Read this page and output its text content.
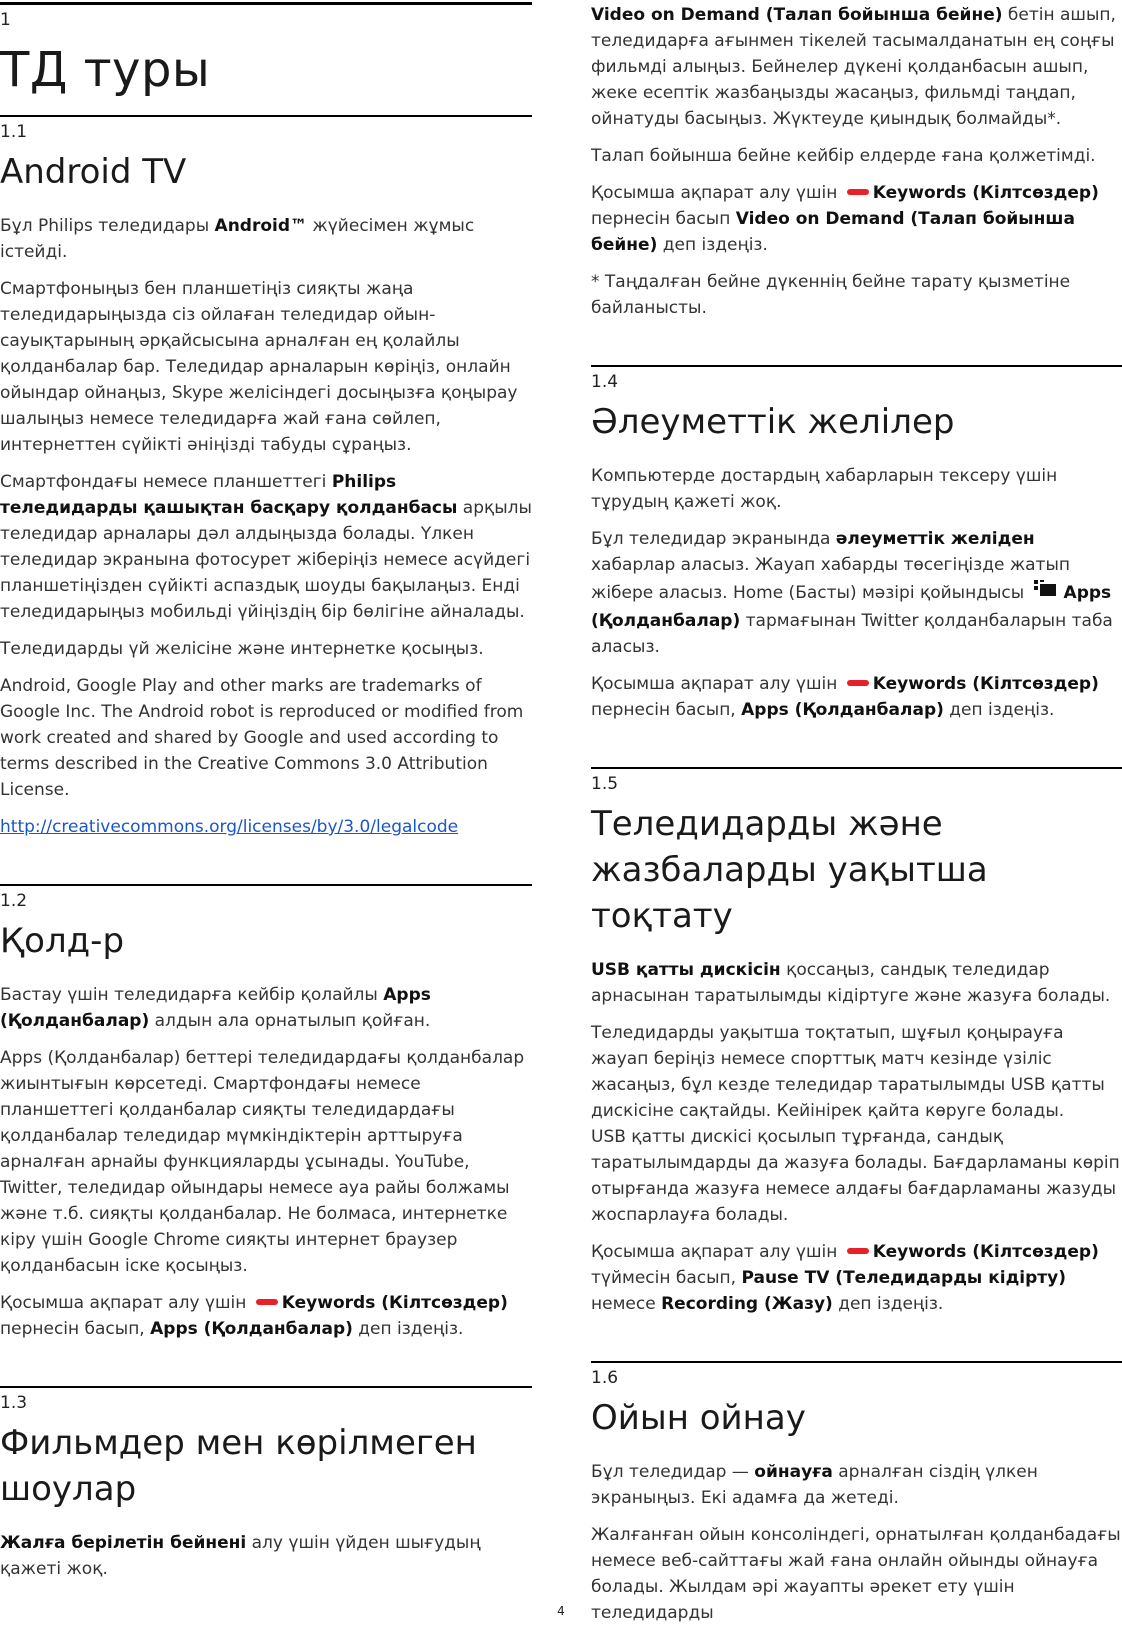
1
ТД туры
1.1
Android TV

Бұл Philips теледидары Android™ жүйесімен жұмыс істейді.

Смартфоныңыз бен планшетіңіз сияқты жаңа теледидарыңызда сіз ойлаған теледидар ойын-сауықтарының әрқайсысына арналған ең қолайлы қолданбалар бар. Теледидар арналарын көріңіз, онлайн ойындар ойнаңыз, Skype желісіндегі досыңызға қоңырау шалыңыз немесе теледидарға жай ғана сөйлеп, интернеттен сүйікті әніңізді табуды сұраңыз.

Смартфондағы немесе планшеттегі Philips теледидарды қашықтан басқару қолданбасы арқылы теледидар арналары дәл алдыңызда болады. Үлкен теледидар экранына фотосурет жіберіңіз немесе асүйдегі планшетіңізден сүйікті аспаздық шоуды бақылаңыз. Енді теледидарыңыз мобильді үйіңіздің бір бөлігіне айналады.

Теледидарды үй желісіне және интернетке қосыңыз.

Android, Google Play and other marks are trademarks of Google Inc. The Android robot is reproduced or modified from work created and shared by Google and used according to terms described in the Creative Commons 3.0 Attribution License.

http://creativecommons.org/licenses/by/3.0/legalcode

1.2
Қолд-р

Бастау үшін теледидарға кейбір қолайлы Apps (Қолданбалар) алдын ала орнатылып қойған.

Apps (Қолданбалар) беттері теледидардағы қолданбалар жиынтығын көрсетеді. Смартфондағы немесе планшеттегі қолданбалар сияқты теледидардағы қолданбалар теледидар мүмкіндіктерін арттыруға арналған арнайы функцияларды ұсынады. YouTube, Twitter, теледидар ойындары немесе ауа райы болжамы және т.б. сияқты қолданбалар. Не болмаса, интернетке кіру үшін Google Chrome сияқты интернет браузер қолданбасын іске қосыңыз.

Қосымша ақпарат алу үшін Keywords (Кілтсөздер) пернесін басып, Apps (Қолданбалар) деп іздеңіз.

1.3
Фильмдер мен көрілмеген шоулар

Жалға берілетін бейнені алу үшін үйден шығудың қажеті жоқ.

Video on Demand (Талап бойынша бейне) бетін ашып, теледидарға ағынмен тікелей тасымалданатын ең соңғы фильмді алыңыз. Бейнелер дүкені қолданбасын ашып, жеке есептік жазбаңызды жасаңыз, фильмді таңдап, ойнатуды басыңыз. Жүктеуде қиындық болмайды*.

Талап бойынша бейне кейбір елдерде ғана қолжетімді.

Қосымша ақпарат алу үшін Keywords (Кілтсөздер) пернесін басып Video on Demand (Талап бойынша бейне) деп іздеңіз.

* Таңдалған бейне дүкеннің бейне тарату қызметіне байланысты.

1.4
Әлеуметтік желілер

Компьютерде достардың хабарларын тексеру үшін тұрудың қажеті жоқ.

Бұл теледидар экранында әлеуметтік желіден хабарлар аласыз. Жауап хабарды төсегіңізде жатып жібере аласыз. Home (Басты) мәзірі қойындысы Apps (Қолданбалар) тармағынан Twitter қолданбаларын таба аласыз.

Қосымша ақпарат алу үшін Keywords (Кілтсөздер) пернесін басып, Apps (Қолданбалар) деп іздеңіз.

1.5
Теледидарды және жазбаларды уақытша тоқтату

USB қатты дискісін қоссаңыз, сандық теледидар арнасынан таратылымды кідіртуге және жазуға болады.

Теледидарды уақытша тоқтатып, шұғыл қоңырауға жауап беріңіз немесе спорттық матч кезінде үзіліс жасаңыз, бұл кезде теледидар таратылымды USB қатты дискісіне сақтайды. Кейінірек қайта көруге болады.

USB қатты дискісі қосылып тұрғанда, сандық таратылымдарды да жазуға болады. Бағдарламаны көріп отырғанда жазуға немесе алдағы бағдарламаны жазуды жоспарлауға болады.

Қосымша ақпарат алу үшін Keywords (Кілтсөздер) түймесін басып, Pause TV (Теледидарды кідірту) немесе Recording (Жазу) деп іздеңіз.

1.6
Ойын ойнау

Бұл теледидар — ойнауға арналған сіздің үлкен экраныңыз. Екі адамға да жетеді.

Жалғанған ойын консоліндегі, орнатылған қолданбадағы немесе веб-сайттағы жай ғана онлайн ойынды ойнауға болады. Жылдам әрі жауапты әрекет ету үшін теледидарды

4
